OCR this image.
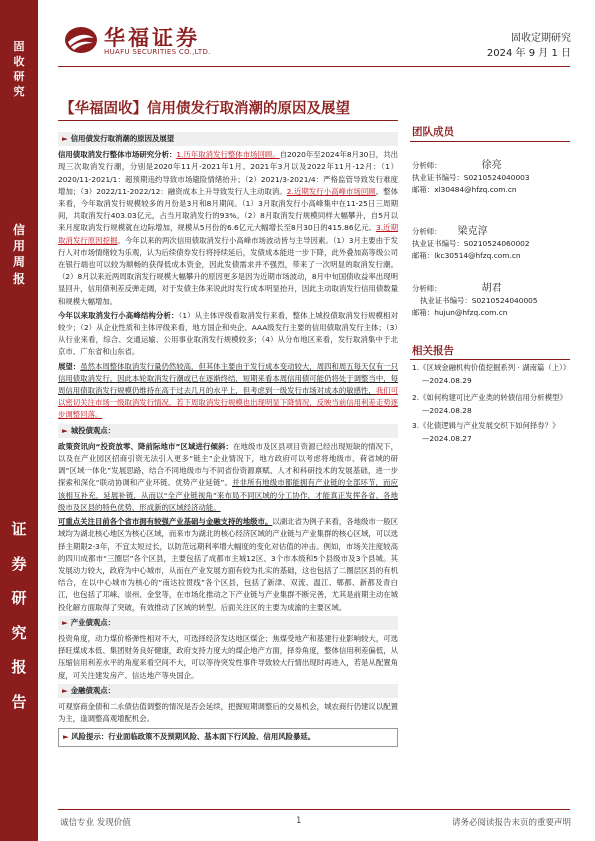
固
收
研
究
信
用
周
报
证
券
研
究
报
告
华福证券
HUAFU SECURITIES CO.,LTD.
固收定期研究
2024 年 9 月 1 日
【华福固收】信用债发行取消潮的原因及展望
团队成员
分析师：	徐亮
执业证书编号：S0210524040003
邮箱：xl30484@hfzq.com.cn
分析师： 梁克淳
执业证书编号：S0210524060002
邮箱：lkc30514@hfzq.com.cn
分析师：	胡君
执业证书编号：S0210524040005
邮箱：hujun@hfzq.com.cn
相关报告
1.《区域金融机构价值挖掘系列 · 湖南篇（上）》
—2024.08.29
2.《如何构建可比产业类的转债信用分析模型》
—2024.08.28
3.《化债逻辑与产业发展交织下如何择券？》
—2024.08.27
► 信用债发行取消潮的原因及展望

信用债取消发行整体市场研究分析：1.历年取消发行整体市场回顾。自2020年至2024年8月30日，共出现三次取消发行潮，分别是2020年11月-2021年1月、2021年3月以及2022年11月-12月：（1）2020/11-2021/1：超预期违约导致市场避险情绪抬升；（2）2021/3-2021/4：严格监管导致发行难度增加；（3）2022/11-2022/12：融资成本上升导致发行人主动取消。2.近期发行小高峰市场回顾。整体来看，今年取消发行规模较多的月份是3月和8月期间。（1）3月取消发行小高峰集中在11-25日三周期间，共取消发行403.03亿元，占当月取消发行的93%。（2）8月取消发行规模同样大幅攀升，自5月以来月度取消发行规模就在边际增加，规模从5月份的6.6亿元大幅增长至8月30日的415.86亿元。3.近期取消发行原因挖掘。今年以来的两次信用债取消发行小高峰市场波动皆与主导因素。（1）3月主要由于发行人对市场情绪较为乐观，认为后续债券发行将持续延后，发债成本能进一步下降，此外叠加高等级公司在银行端也可以较为顺畅的获得低成本资金，因此发债需求并不强烈，带来了一次明显的取消发行潮。（2）8月以来近两周取消发行规模大幅攀升的原因更多是因为近期市场波动，8月中旬国债收益率出现明显回升，信用债利差反弹走阔，对于发债主体来说此时发行成本明显抬升，因此主动取消发行信用债数量和规模大幅增加。

今年以来取消发行小高峰结构分析：（1）从主体评级看取消发行来看，整体上城投债取消发行规模相对较少；（2）从企业性质和主体评级来看，地方国企和央企、AAA级发行主要的信用债取消发行主体；（3）从行业来看，综合、交通运输、公用事业取消发行规模较多；（4）从分布地区来看，发行取消集中于北京市、广东省和山东省。

展望：虽然本周整体取消发行量仍然较高，但其体主要由于发行成本变动较大，周四和周五每天仅有一只信用债取消发行，因此本轮取消发行潮或已在逐渐终结，短期来看本周信用债可能仍将处于调整当中，每周信用债取消发行规模仍维持在高于过去几月的水平上，但考虑到一级发行市场对成本的敏感性，我们可以密切关注市场一级取消发行情况，若下周取消发行规模也出现明显下降情况，反映当前信用利差走势逐步调整回落。

► 城投债观点：

政策资讯向“投资放零、降前际地市”区域进行倾斜：在地级市及区县项目资源已经出现短缺的情况下，以及在产业园区招商引资无法引入更多“链主”企业情况下，地方政府可以考虑将地级市、荷省域的研调“区域一体化”发展思路，结合不同地级市与不同省份资源禀赋、人才和科研技术的发展基础，进一步探索和深化“联动协调和产业环链、优势产业延链”。并非所有地级市都能拥有产业链的全部环节，而应该相互补充，延展补链，从而以“全产业链视角”来布局不同区域的分工协作，才能真正发挥各省、各地级市及区县的特色优势，形成新的区域经济动能。

可重点关注目前各个省市拥有较强产业基础与金融支持的地级市。以湖北省为例子来看，各地级市一般区域均为湖北核心地区为核心区域，而来市为湖北的核心经济区域的产业链与产业集群的核心区域，可以选择主期限2-3年，不宜太短过长，以防范远期利率增大幅度的变化对估值的冲击。例如，市场关注度较高的四川成都市“三圈层”各个区县，主要包括了成都市主城12区、3个市本级和5个县级市及3个县城。其发展动力较大，政府为中心城市，从而在产业发展方面有较为扎实的基础，这也包括了二圈层区县的有机结合，在以中心城市为核心的“南达拉贯线”各个区县，包括了新津、双流、温江、郫都、新都及青白江，也包括了邛崃、崇州、金堂等，在市场化推动之下产业链与产业集群不断完善，尤其是前期主动在城投化解方面取得了突破，有效推动了区域的转型。后面关注区的主要为成渝的主要区域。

► 产业债观点：

投资角度，动力煤价格弹性相对不大，可选择经济发达地区煤企；焦煤受地产和基建行业影响较大，可选择旺煤成本低、集团财务良好健康，政府支持力度大的煤企地产方面，择券角度，整体信用利差偏低，从压缩信用利差水平的角度来看空间不大，可以等待突发性事件导致较大行情出现时再进入，若是从配置角度，可关注建发房产、信达地产等央国企。

► 金融债观点：

可观察商金债和二永债估值调整的情况是否会延续，把握短期调整后的交易机会，城农商行仍建议以配置为主，逢调整高观增配机会。

► 风险提示：行业面临政策不及预期风险、基本面下行风险、信用风险暴延。
诚信专业 发现价值	1	请务必阅读报告末页的重要声明
